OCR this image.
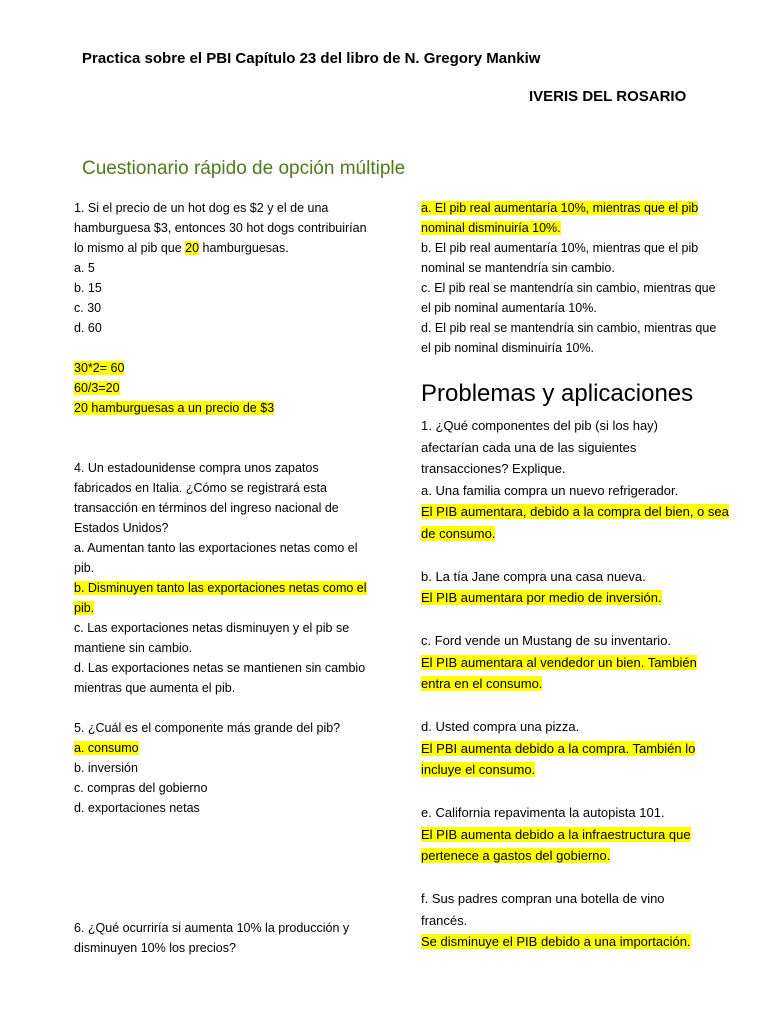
Practica sobre el PBI Capítulo 23 del libro de N. Gregory Mankiw
IVERIS DEL ROSARIO
Cuestionario rápido de opción múltiple
1. Si el precio de un hot dog es $2 y el de una
hamburguesa $3, entonces 30 hot dogs contribuirían
lo mismo al pib que 20 hamburguesas.
a. 5
b. 15
c. 30
d. 60
30*2= 60
60/3=20
20 hamburguesas a un precio de $3
4. Un estadounidense compra unos zapatos
fabricados en Italia. ¿Cómo se registrará esta
transacción en términos del ingreso nacional de
Estados Unidos?
a. Aumentan tanto las exportaciones netas como el
pib.
b. Disminuyen tanto las exportaciones netas como el
pib.
c. Las exportaciones netas disminuyen y el pib se
mantiene sin cambio.
d. Las exportaciones netas se mantienen sin cambio
mientras que aumenta el pib.
5. ¿Cuál es el componente más grande del pib?
a. consumo
b. inversión
c. compras del gobierno
d. exportaciones netas
6. ¿Qué ocurriría si aumenta 10% la producción y
disminuyen 10% los precios?
a. El pib real aumentaría 10%, mientras que el pib
nominal disminuiría 10%.
b. El pib real aumentaría 10%, mientras que el pib
nominal se mantendría sin cambio.
c. El pib real se mantendría sin cambio, mientras que
el pib nominal aumentaría 10%.
d. El pib real se mantendría sin cambio, mientras que
el pib nominal disminuiría 10%.
Problemas y aplicaciones
1. ¿Qué componentes del pib (si los hay)
afectarían cada una de las siguientes
transacciones? Explique.
a. Una familia compra un nuevo refrigerador.
El PIB aumentara, debido a la compra del bien, o sea
de consumo.
b. La tía Jane compra una casa nueva.
El PIB aumentara por medio de inversión.
c. Ford vende un Mustang de su inventario.
El PIB aumentara al vendedor un bien. También
entra en el consumo.
d. Usted compra una pizza.
El PBI aumenta debido a la compra. También lo
incluye el consumo.
e. California repavimenta la autopista 101.
El PIB aumenta debido a la infraestructura que
pertenece a gastos del gobierno.
f. Sus padres compran una botella de vino
francés.
Se disminuye el PIB debido a una importación.
